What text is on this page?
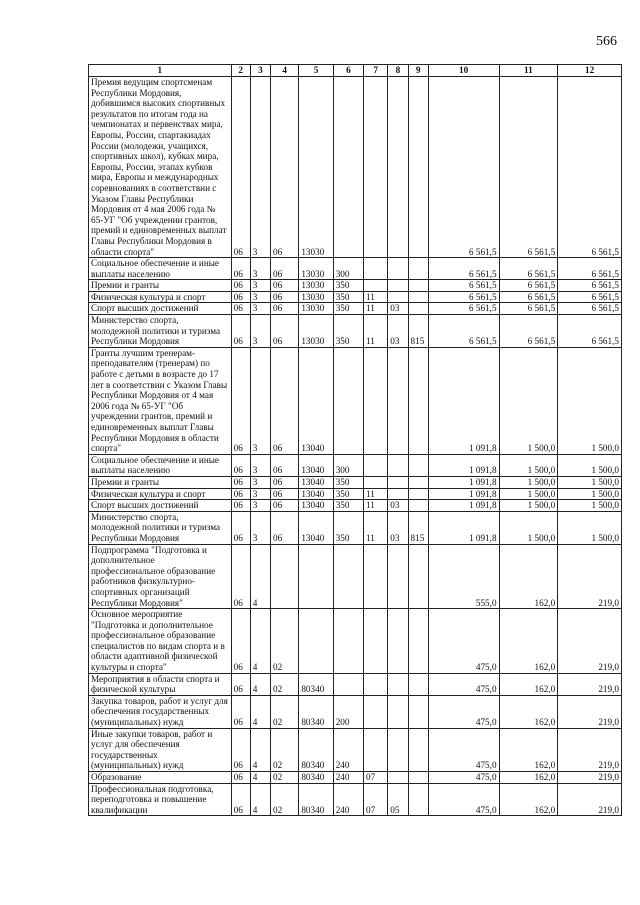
566
1	2	3	4	5	6	7	8	9	10	11	12
Премия ведущим спортсменам Республики Мордовия, добившимся высоких спортивных результатов по итогам года на чемпионатах и первенствах мира, Европы, России, спартакиадах России (молодежи, учащихся, спортивных школ), кубках мира, Европы, России, этапах кубков мира, Европы и международных соревнованиях в соответствии с Указом Главы Республики Мордовия от 4 мая 2006 года № 65-УГ "Об учреждении грантов, премий и единовременных выплат Главы Республики Мордовия в области спорта"	06	3	06	13030					6 561,5	6 561,5	6 561,5
Социальное обеспечение и иные выплаты населению	06	3	06	13030	300				6 561,5	6 561,5	6 561,5
Премии и гранты	06	3	06	13030	350				6 561,5	6 561,5	6 561,5
Физическая культура и спорт	06	3	06	13030	350	11			6 561,5	6 561,5	6 561,5
Спорт высших достижений	06	3	06	13030	350	11	03		6 561,5	6 561,5	6 561,5
Министерство спорта, молодежной политики и туризма Республики Мордовия	06	3	06	13030	350	11	03	815	6 561,5	6 561,5	6 561,5
Гранты лучшим тренерам-преподавателям (тренерам) по работе с детьми в возрасте до 17 лет в соответствии с Указом Главы Республики Мордовия от 4 мая 2006 года № 65-УГ "Об учреждении грантов, премий и единовременных выплат Главы Республики Мордовия в области спорта"	06	3	06	13040					1 091,8	1 500,0	1 500,0
Социальное обеспечение и иные выплаты населению	06	3	06	13040	300				1 091,8	1 500,0	1 500,0
Премии и гранты	06	3	06	13040	350				1 091,8	1 500,0	1 500,0
Физическая культура и спорт	06	3	06	13040	350	11			1 091,8	1 500,0	1 500,0
Спорт высших достижений	06	3	06	13040	350	11	03		1 091,8	1 500,0	1 500,0
Министерство спорта, молодежной политики и туризма Республики Мордовия	06	3	06	13040	350	11	03	815	1 091,8	1 500,0	1 500,0
Подпрограмма "Подготовка и дополнительное профессиональное образование работников физкультурно-спортивных организаций Республики Мордовия"	06	4							555,0	162,0	219,0
Основное мероприятие "Подготовка и дополнительное профессиональное образование специалистов по видам спорта и в области адаптивной физической культуры и спорта"	06	4	02						475,0	162,0	219,0
Мероприятия в области спорта и физической культуры	06	4	02	80340					475,0	162,0	219,0
Закупка товаров, работ и услуг для обеспечения государственных (муниципальных) нужд	06	4	02	80340	200				475,0	162,0	219,0
Иные закупки товаров, работ и услуг для обеспечения государственных (муниципальных) нужд	06	4	02	80340	240				475,0	162,0	219,0
Образование	06	4	02	80340	240	07			475,0	162,0	219,0
Профессиональная подготовка, переподготовка и повышение квалификации	06	4	02	80340	240	07	05		475,0	162,0	219,0
